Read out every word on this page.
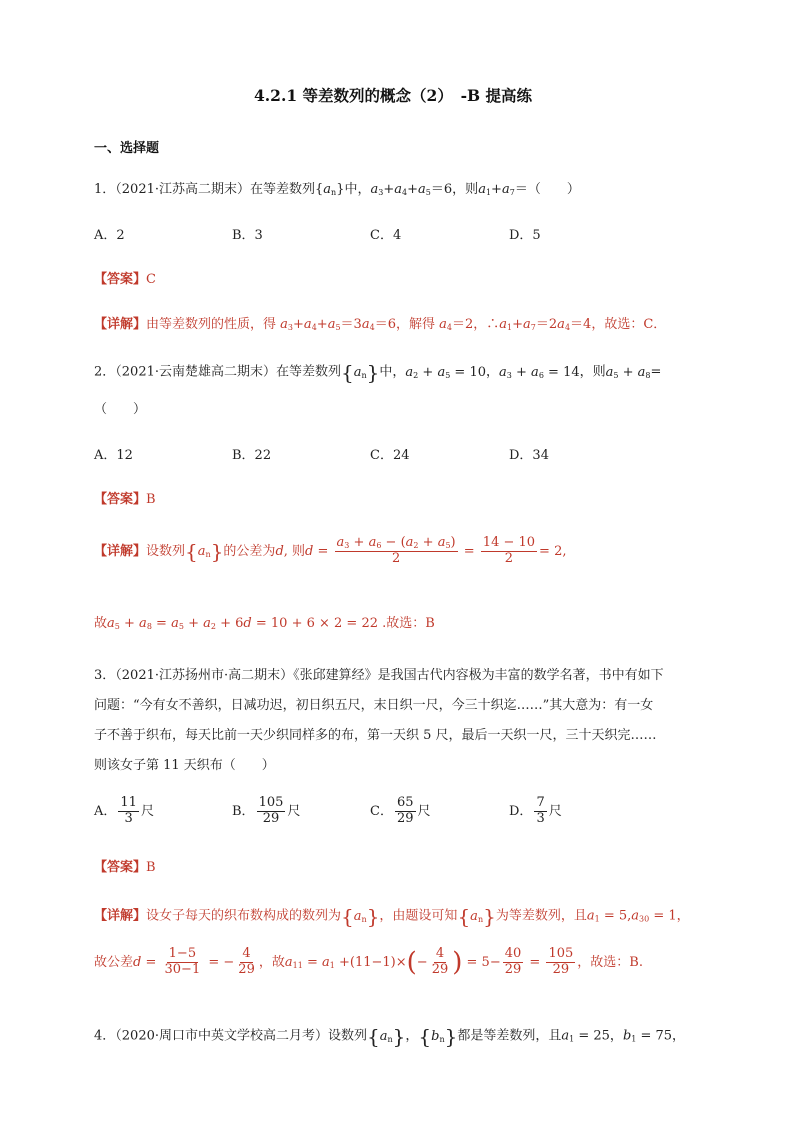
4.2.1 等差数列的概念（2）　-B 提高练
一、选择题
1．（2021·江苏高二期末）在等差数列$\{a_n\}$中，$a_3+a_4+a_5=6$，则$a_1+a_7=$（　　）
A．2	B．3	C．4	D．5
【答案】C
【详解】由等差数列的性质，得 $a_3+a_4+a_5=3a_4=6$，解得 $a_4=2$，$\therefore a_1+a_7=2a_4=4$，故选：C．
2．（2021·云南楚雄高二期末）在等差数列$\{a_n\}$中，$a_2 + a_5 = 10$，$a_3 + a_6 = 14$，则$a_5 + a_8=$
（　　）
A．12	B．22	C．24	D．34
【答案】B
【详解】设数列$\{a_n\}$的公差为d, 则$d = \frac{a_3 + a_6 - (a_2 + a_5)}{2} = \frac{14 - 10}{2} = 2$,
故$a_5 + a_8 = a_5 + a_2 + 6d = 10 + 6 \times 2 = 22$ .故选：B
3．（2021·江苏扬州市·高二期末）《张邱建算经》是我国古代内容极为丰富的数学名著，书中有如下
问题：“今有女不善织，日减功迟，初日织五尺，末日织一尺，今三十织迄……”其大意为：有一女
子不善于织布，每天比前一天少织同样多的布，第一天织 5 尺，最后一天织一尺，三十天织完……
则该女子第 11 天织布（　　）
A． $\frac{11}{3}$ 尺	B． $\frac{105}{29}$ 尺	C． $\frac{65}{29}$ 尺	D． $\frac{7}{3}$ 尺
【答案】B
【详解】设女子每天的织布数构成的数列为$\{a_n\}$，由题设可知$\{a_n\}$为等差数列，且$a_1 = 5,a_{30} = 1$，
故公差$d = \frac{1-5}{30-1}$ = − $\frac{4}{29}$ ，故$a_{11} = a_1 +(11-1)\times(- \frac{4}{29}$ ) = $5- \frac{40}{29} = \frac{105}{29}$ ，故选：B.
4．（2020·周口市中英文学校高二月考）设数列$\{a_n\}$，$\{b_n\}$都是等差数列，且$a_1 = 25$，$b_1 = 75$，
